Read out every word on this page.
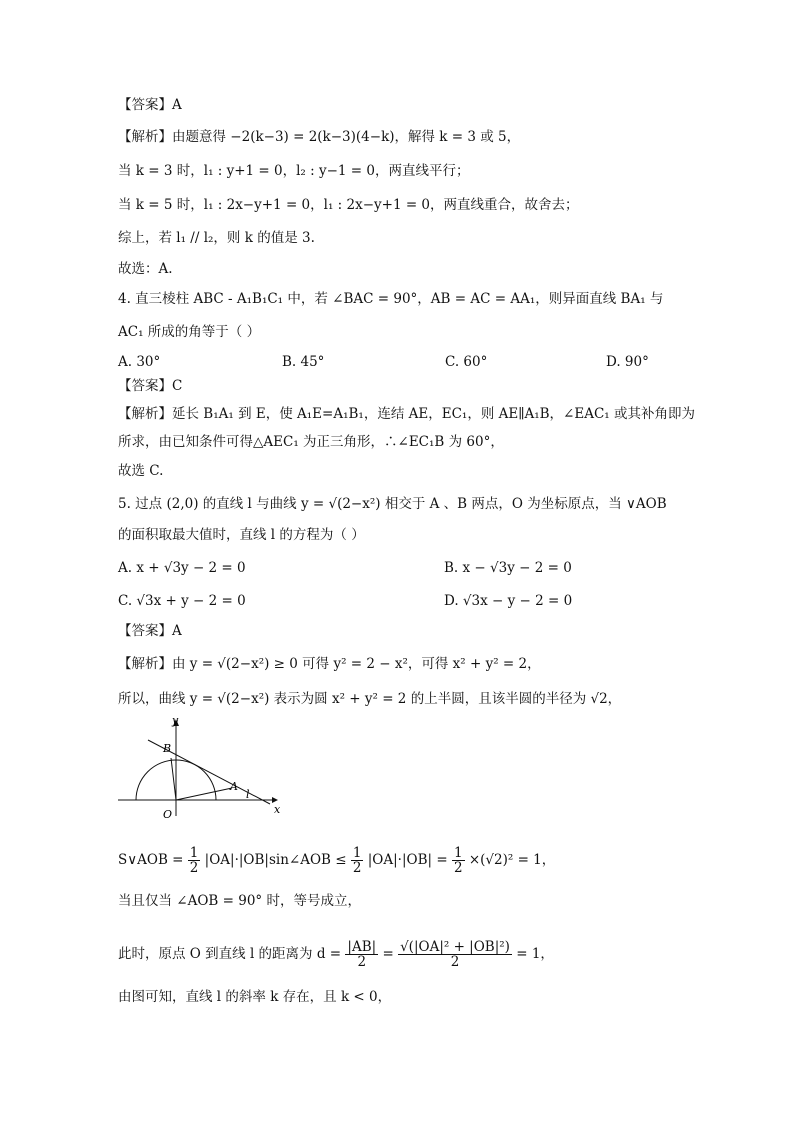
【答案】A
【解析】由题意得 −2(k−3) = 2(k−3)(4−k)，解得 k = 3 或 5，
当 k = 3 时，l₁ : y+1 = 0，l₂ : y−1 = 0，两直线平行；
当 k = 5 时，l₁ : 2x−y+1 = 0，l₁ : 2x−y+1 = 0，两直线重合，故舍去；
综上，若 l₁ // l₂，则 k 的值是 3.
故选：A.
4. 直三棱柱 ABC - A₁B₁C₁ 中，若 ∠BAC = 90°，AB = AC = AA₁，则异面直线 BA₁ 与
AC₁ 所成的角等于（ ）
A. 30°	B. 45°	C. 60°	D. 90°
【答案】C
【解析】延长 B₁A₁ 到 E，使 A₁E=A₁B₁，连结 AE，EC₁，则 AE∥A₁B，∠EAC₁ 或其补角即为
所求，由已知条件可得△AEC₁ 为正三角形，∴∠EC₁B 为 60°，
故选 C.
5. 过点 (2,0) 的直线 l 与曲线 y = √(2−x²) 相交于 A 、B 两点，O 为坐标原点，当 ∨AOB
的面积取最大值时，直线 l 的方程为（ ）
A. x + √3y − 2 = 0	B. x − √3y − 2 = 0
C. √3x + y − 2 = 0	D. √3x − y − 2 = 0
【答案】A
【解析】由 y = √(2−x²) ≥ 0 可得 y² = 2 − x²，可得 x² + y² = 2，
所以，曲线 y = √(2−x²) 表示为圆 x² + y² = 2 的上半圆，且该半圆的半径为 √2，
y
x
O
B
A
l
S∨AOB = $\frac{1}{2}$ |OA|·|OB|sin∠AOB ≤ $\frac{1}{2} |OA|\cdot|OB| = \frac{1}{2} \times(√2)^2 = 1$，
当且仅当 ∠AOB = 90° 时，等号成立，
此时，原点 O 到直线 l 的距离为 $d = \frac{|AB|}{2} = \frac{\text{√(|OA|² + |OB|²)}}{2} = 1$，
由图可知，直线 l 的斜率 k 存在，且 k < 0，
